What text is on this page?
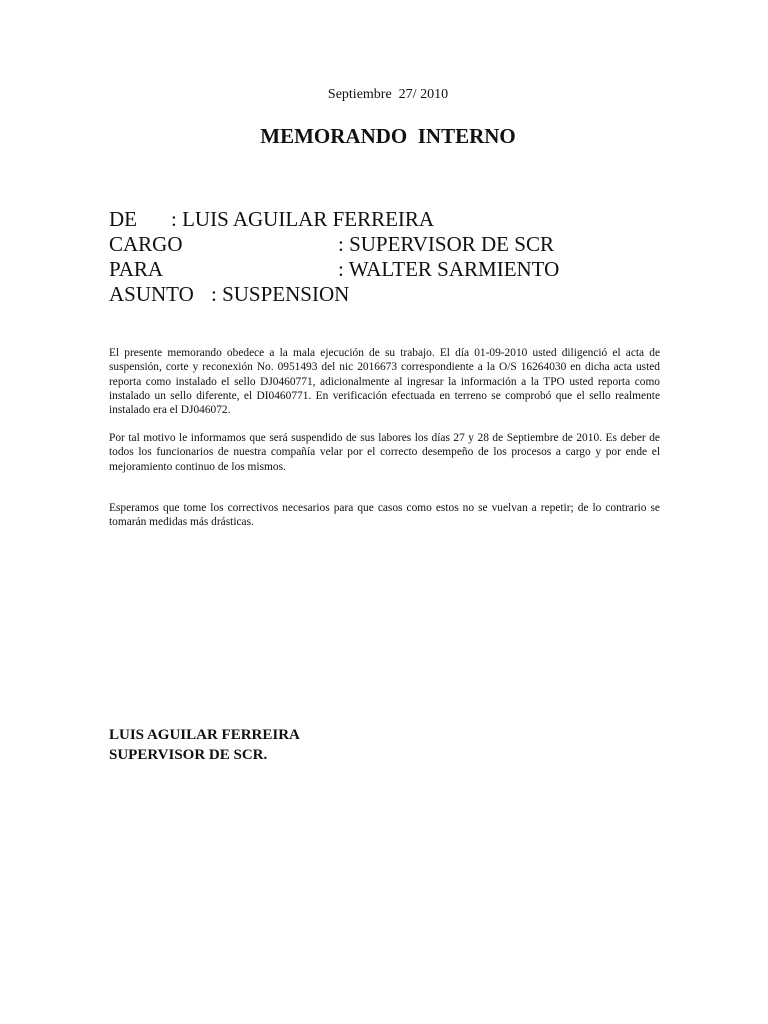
Septiembre  27/ 2010
MEMORANDO  INTERNO
DE : LUIS AGUILAR FERREIRA
CARGO	: SUPERVISOR DE SCR
PARA	: WALTER SARMIENTO
ASUNTO : SUSPENSION
El presente memorando obedece a la mala ejecución de su trabajo. El día 01-09-2010 usted diligenció el acta de suspensión, corte y reconexión No. 0951493 del nic 2016673 correspondiente a la O/S 16264030 en dicha acta usted reporta como instalado el sello DJ0460771, adicionalmente al ingresar la información a la TPO usted reporta como instalado un sello diferente, el DI0460771. En verificación efectuada en terreno se comprobó que el sello realmente instalado era el DJ046072.
Por tal motivo le informamos que será suspendido de sus labores los días 27 y 28 de Septiembre de 2010. Es deber de todos los funcionarios de nuestra compañía velar por el correcto desempeño de los procesos a cargo y por ende el mejoramiento continuo de los mismos.
Esperamos que tome los correctivos necesarios para que casos como estos no se vuelvan a repetir; de lo contrario se tomarán medidas más drásticas.
LUIS AGUILAR FERREIRA
SUPERVISOR DE SCR.
